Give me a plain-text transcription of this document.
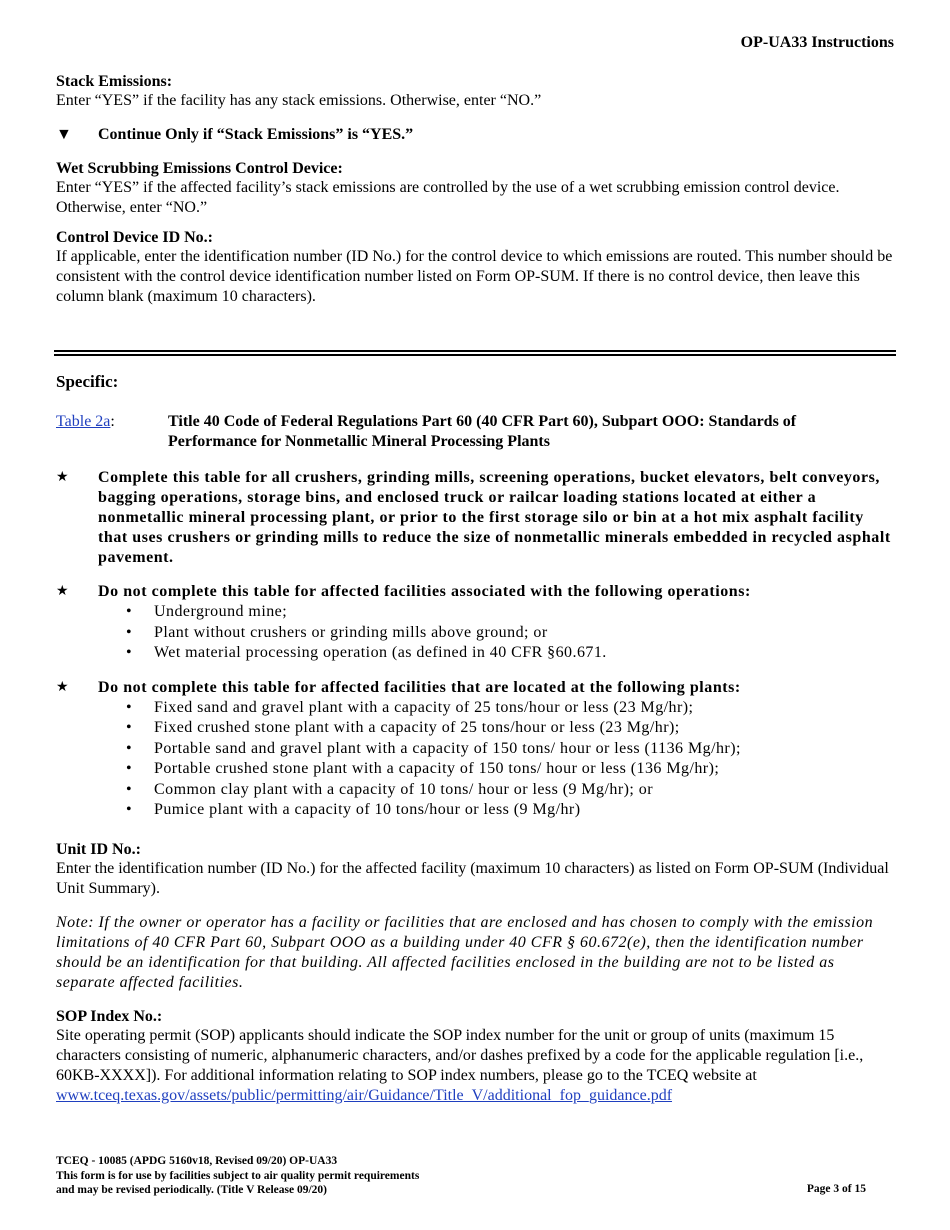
OP-UA33 Instructions
Stack Emissions:
Enter “YES” if the facility has any stack emissions. Otherwise, enter “NO.”
▼	Continue Only if “Stack Emissions” is “YES.”
Wet Scrubbing Emissions Control Device:
Enter “YES” if the affected facility’s stack emissions are controlled by the use of a wet scrubbing emission control device. Otherwise, enter “NO.”
Control Device ID No.:
If applicable, enter the identification number (ID No.) for the control device to which emissions are routed. This number should be consistent with the control device identification number listed on Form OP-SUM. If there is no control device, then leave this column blank (maximum 10 characters).
Specific:
Table 2a:	Title 40 Code of Federal Regulations Part 60 (40 CFR Part 60), Subpart OOO: Standards of
Performance for Nonmetallic Mineral Processing Plants
★	Complete this table for all crushers, grinding mills, screening operations, bucket elevators, belt conveyors, bagging operations, storage bins, and enclosed truck or railcar loading stations located at either a nonmetallic mineral processing plant, or prior to the first storage silo or bin at a hot mix asphalt facility that uses crushers or grinding mills to reduce the size of nonmetallic minerals embedded in recycled asphalt pavement.
★	Do not complete this table for affected facilities associated with the following operations:
•	Underground mine;
•	Plant without crushers or grinding mills above ground; or
•	Wet material processing operation (as defined in 40 CFR §60.671.
★	Do not complete this table for affected facilities that are located at the following plants:
•	Fixed sand and gravel plant with a capacity of 25 tons/hour or less (23 Mg/hr);
•	Fixed crushed stone plant with a capacity of 25 tons/hour or less (23 Mg/hr);
•	Portable sand and gravel plant with a capacity of 150 tons/ hour or less (1136 Mg/hr);
•	Portable crushed stone plant with a capacity of 150 tons/ hour or less (136 Mg/hr);
•	Common clay plant with a capacity of 10 tons/ hour or less (9 Mg/hr); or
•	Pumice plant with a capacity of 10 tons/hour or less (9 Mg/hr)
Unit ID No.:
Enter the identification number (ID No.) for the affected facility (maximum 10 characters) as listed on Form OP-SUM (Individual Unit Summary).
Note: If the owner or operator has a facility or facilities that are enclosed and has chosen to comply with the emission limitations of 40 CFR Part 60, Subpart OOO as a building under 40 CFR § 60.672(e), then the identification number should be an identification for that building. All affected facilities enclosed in the building are not to be listed as separate affected facilities.
SOP Index No.:
Site operating permit (SOP) applicants should indicate the SOP index number for the unit or group of units (maximum 15 characters consisting of numeric, alphanumeric characters, and/or dashes prefixed by a code for the applicable regulation [i.e., 60KB-XXXX]). For additional information relating to SOP index numbers, please go to the TCEQ website at www.tceq.texas.gov/assets/public/permitting/air/Guidance/Title_V/additional_fop_guidance.pdf
TCEQ - 10085 (APDG 5160v18, Revised 09/20) OP-UA33
This form is for use by facilities subject to air quality permit requirements
and may be revised periodically. (Title V Release 09/20)	Page 3 of 15
